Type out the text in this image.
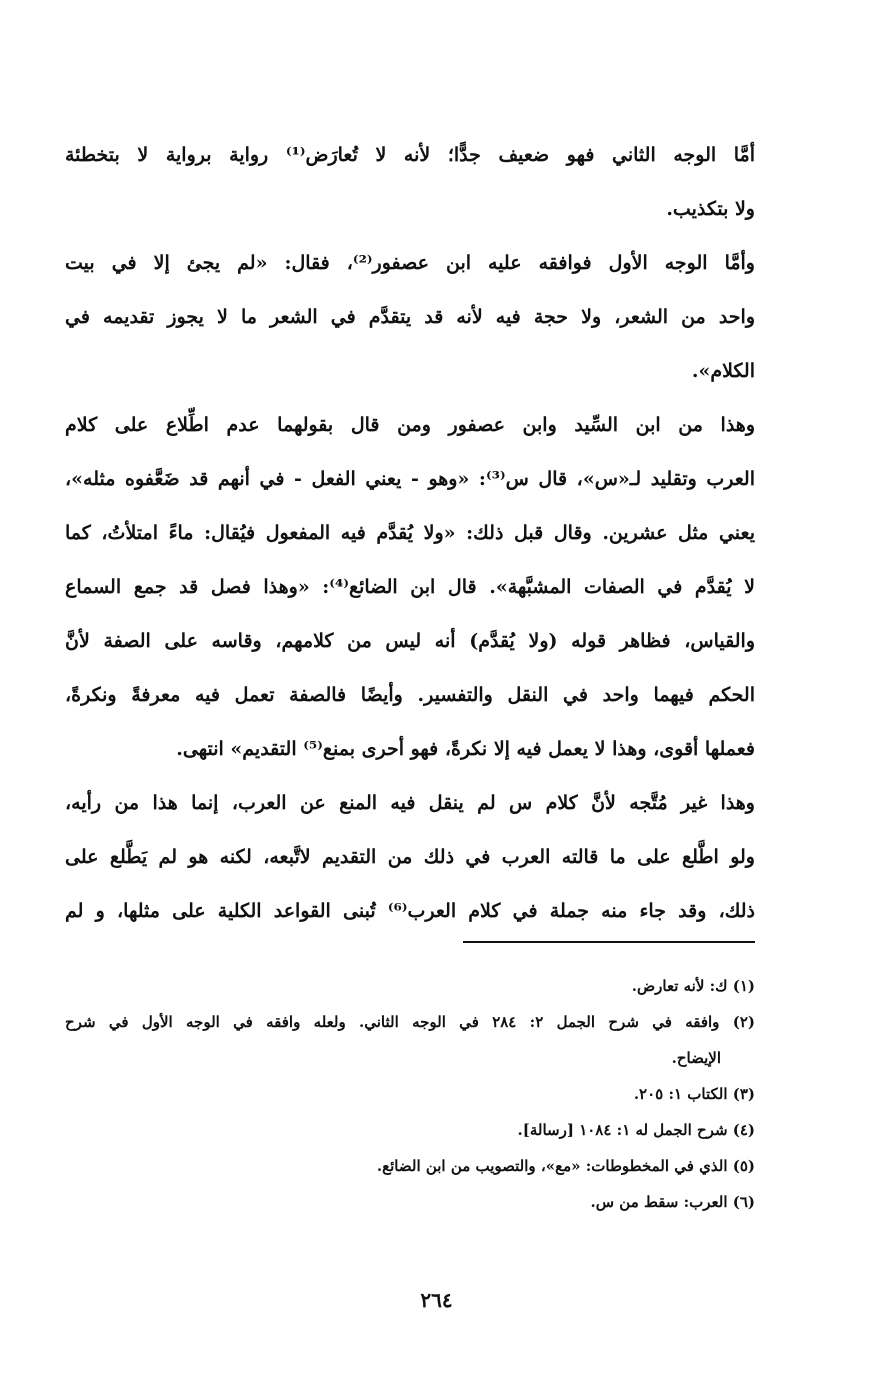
أمَّا الوجه الثاني فهو ضعيف جدًّا؛ لأنه لا تُعارَض⁽¹⁾ رواية برواية لا بتخطئة
ولا بتكذيب.
وأمَّا الوجه الأول فوافقه عليه ابن عصفور⁽²⁾، فقال: «لم يجئ إلا في بيت
واحد من الشعر، ولا حجة فيه لأنه قد يتقدَّم في الشعر ما لا يجوز تقديمه في
الكلام».
وهذا من ابن السِّيد وابن عصفور ومن قال بقولهما عدم اطِّلاع على كلام
العرب وتقليد لـ«س»، قال س⁽³⁾: «وهو - يعني الفعل - في أنهم قد ضَعَّفوه مثله»،
يعني مثل عشرين. وقال قبل ذلك: «ولا يُقدَّم فيه المفعول فيُقال: ماءً امتلأتُ، كما
لا يُقدَّم في الصفات المشبَّهة». قال ابن الضائع⁽⁴⁾: «وهذا فصل قد جمع السماع
والقياس، فظاهر قوله (ولا يُقدَّم) أنه ليس من كلامهم، وقاسه على الصفة لأنَّ
الحكم فيهما واحد في النقل والتفسير. وأيضًا فالصفة تعمل فيه معرفةً ونكرةً،
فعملها أقوى، وهذا لا يعمل فيه إلا نكرةً، فهو أحرى بمنع⁽⁵⁾ التقديم» انتهى.
وهذا غير مُتَّجه لأنَّ كلام س لم ينقل فيه المنع عن العرب، إنما هذا من رأيه،
ولو اطَّلع على ما قالته العرب في ذلك من التقديم لاتَّبعه، لكنه هو لم يَطَّلع على
ذلك، وقد جاء منه جملة في كلام العرب⁽⁶⁾ تُبنى القواعد الكلية على مثلها، و لم
(١) ك: لأنه تعارض.
(٢) وافقه في شرح الجمل ٢: ٢٨٤ في الوجه الثاني. ولعله وافقه في الوجه الأول في شرح
الإيضاح.
(٣) الكتاب ١: ٢٠٥.
(٤) شرح الجمل له ١: ١٠٨٤ [رسالة].
(٥) الذي في المخطوطات: «مع»، والتصويب من ابن الضائع.
(٦) العرب: سقط من س.
٢٦٤
